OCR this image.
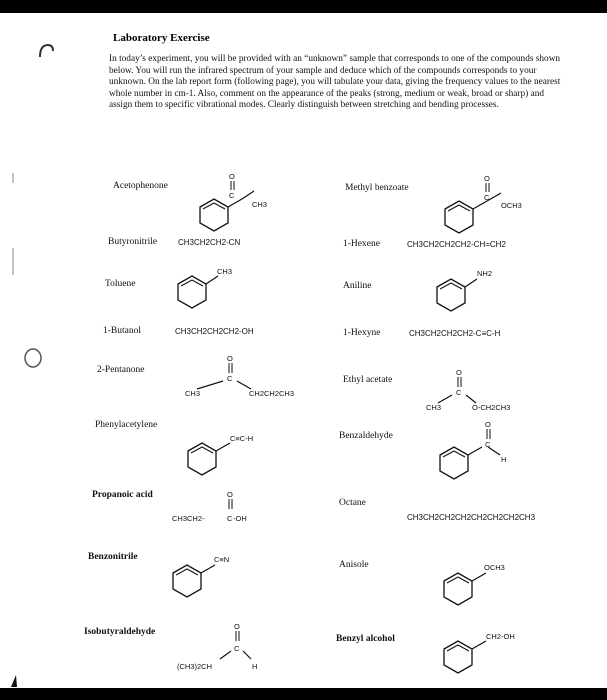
Laboratory Exercise
In today’s experiment, you will be provided with an “unknown” sample that corresponds to one of the compounds shown below. You will run the infrared spectrum of your sample and deduce which of the compounds corresponds to your unknown. On the lab report form (following page), you will tabulate your data, giving the frequency values to the nearest whole number in cm-1. Also, comment on the appearance of the peaks (strong, medium or weak, broad or sharp) and assign them to specific vibrational modes. Clearly distinguish between stretching and bending processes.
Acetophenone
O
C
CH3
Methyl benzoate
O
C
OCH3
Butyronitrile	CH3CH2CH2-CN	1-Hexene	CH3CH2CH2CH2-CH=CH2
Toluene
CH3
Aniline
NH2
1-Butanol	CH3CH2CH2CH2-OH	1-Hexyne	CH3CH2CH2CH2-C≡C-H
2-Pentanone
O
C
CH3	CH2CH2CH3
Ethyl acetate
O
C
CH3	O-CH2CH3
Phenylacetylene
C≡C-H	Benzaldehyde
O
C
H
Propanoic acid	O
CH3CH2-	C -OH
Octane
CH3CH2CH2CH2CH2CH2CH2CH3
Benzonitrile	C≡N
Anisole	OCH3
Isobutyraldehyde
O
C
(CH3)2CH	H
Benzyl alcohol	CH2-OH
